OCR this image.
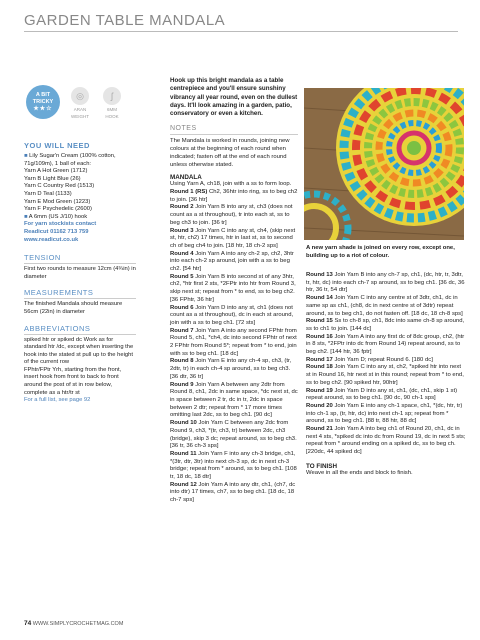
GARDEN TABLE MANDALA
A BIT
TRICKY
★★☆
◎
ARAN
WEIGHT
ʃ
6MM
HOOK
YOU WILL NEED
■ Lily Sugar'n Cream (100% cotton, 71g/109m), 1 ball of each:
Yarn A Hot Green (1712)
Yarn B Light Blue (26)
Yarn C Country Red (1513)
Yarn D Teal (1133)
Yarn E Mod Green (1223)
Yarn F Psychedelic (2600)
■ A 6mm (US J/10) hook
For yarn stockists contact
Readicut 01162 713 759
www.readicut.co.uk
TENSION
First two rounds to measure 12cm (4¾in) in diameter
MEASUREMENTS
The finished Mandala should measure 56cm (22in) in diameter
ABBREVIATIONS
spiked htr or spiked dc Work as for standard htr /dc, except when inserting the hook into the stated st pull up to the height of the current row
FPhtr/FPtr Yrh, starting from the front, insert hook from front to back to front around the post of st in row below, complete as a htr/tr st
For a full list, see page 92
Hook up this bright mandala as a table centrepiece and you'll ensure sunshiny vibrancy all year round, even on the dullest days. It'll look amazing in a garden, patio, conservatory or even a kitchen.
NOTES
The Mandala is worked in rounds, joining new colours at the beginning of each round when indicated; fasten off at the end of each round unless otherwise stated.
MANDALA
Using Yarn A, ch18, join with a ss to form loop.
Round 1 (RS) Ch2, 36htr into ring, ss to beg ch2 to join. [36 htr]
Round 2 Join Yarn B into any st, ch3 (does not count as a st throughout), tr into each st, ss to beg ch3 to join. [36 tr]
Round 3 Join Yarn C into any st, ch4, (skip next st, htr, ch2) 17 times, htr in last st, ss to second ch of beg ch4 to join. [18 htr, 18 ch-2 sps]
Round 4 Join Yarn A into any ch-2 sp, ch2, 3htr into each ch-2 sp around, join with a ss to beg ch2. [54 htr]
Round 5 Join Yarn B into second st of any 3htr, ch2, *htr first 2 sts, *2FPtr into htr from Round 3, skip next st; repeat from * to end, ss to beg ch2. [36 FPhtr, 36 htr]
Round 6 Join Yarn D into any st, ch1 (does not count as a st throughout), dc in each st around, join with a ss to beg ch1. [72 sts]
Round 7 Join Yarn A into any second FPhtr from Round 5, ch1, *ch4, dc into second FPhtr of next 2 FPhtr from Round 5*; repeat from * to end, join with ss to beg ch1. [18 dc]
Round 8 Join Yarn E into any ch-4 sp, ch3, (tr, 2dtr, tr) in each ch-4 sp around, ss to beg ch3. [36 dtr, 36 tr]
Round 9 Join Yarn A between any 2dtr from Round 8, ch1, 2dc in same space, *dc next st, dc in space between 2 tr, dc in tr, 2dc in space between 2 dtr; repeat from * 17 more times omitting last 2dc, ss to beg ch1. [90 dc]
Round 10 Join Yarn C between any 2dc from Round 9, ch3, *(tr, ch3, tr) between 2dc, ch3 (bridge), skip 3 dc; repeat around, ss to beg ch3. [36 tr, 36 ch-3 sps]
Round 11 Join Yarn F into any ch-3 bridge, ch1, *(3tr, dtr, 3tr) into next ch-3 sp, dc in next ch-3 bridge; repeat from * around, ss to beg ch1. [108 tr, 18 dc, 18 dtr]
Round 12 Join Yarn A into any dtr, ch1, (ch7, dc into dtr) 17 times, ch7, ss to beg ch1. [18 dc, 18 ch-7 sps]
A new yarn shade is joined on every row, except one, building up to a riot of colour.
Round 13 Join Yarn B into any ch-7 sp, ch1, (dc, htr, tr, 3dtr, tr, htr, dc) into each ch-7 sp around, ss to beg ch1. [36 dc, 36 htr, 36 tr, 54 dtr]
Round 14 Join Yarn C into any centre st of 3dtr, ch1, dc in same sp as ch1, (ch8, dc in next centre st of 3dtr) repeat around, ss to beg ch1, do not fasten off. [18 dc, 18 ch-8 sps]
Round 15 Ss to ch-8 sp, ch1, 8dc into same ch-8 sp around, ss to ch1 to join. [144 dc]
Round 16 Join Yarn A into any first dc of 8dc group, ch2, (htr in 8 sts, *2FPtr into dc from Round 14) repeat around, ss to beg ch2. [144 htr, 36 fptr]
Round 17 Join Yarn D; repeat Round 6. [180 dc]
Round 18 Join Yarn C into any st, ch2, *spiked htr into next st in Round 16, htr next st in this round; repeat from * to end, ss to beg ch2. [90 spiked htr, 90htr]
Round 19 Join Yarn D into any st, ch1, (dc, ch1, skip 1 st) repeat around, ss to beg ch1. [90 dc, 90 ch-1 sps]
Round 20 Join Yarn E into any ch-1 space, ch1, *(dc, htr, tr) into ch-1 sp, (tr, htr, dc) into next ch-1 sp; repeat from * around, ss to beg ch1. [88 tr, 88 htr, 88 dc]
Round 21 Join Yarn A into beg ch1 of Round 20, ch1, dc in next 4 sts, *spiked dc into dc from Round 19, dc in next 5 sts; repeat from * around ending on a spiked dc, ss to beg ch. [220dc, 44 spiked dc]
TO FINISH
Weave in all the ends and block to finish.
74 WWW.SIMPLYCROCHETMAG.COM
